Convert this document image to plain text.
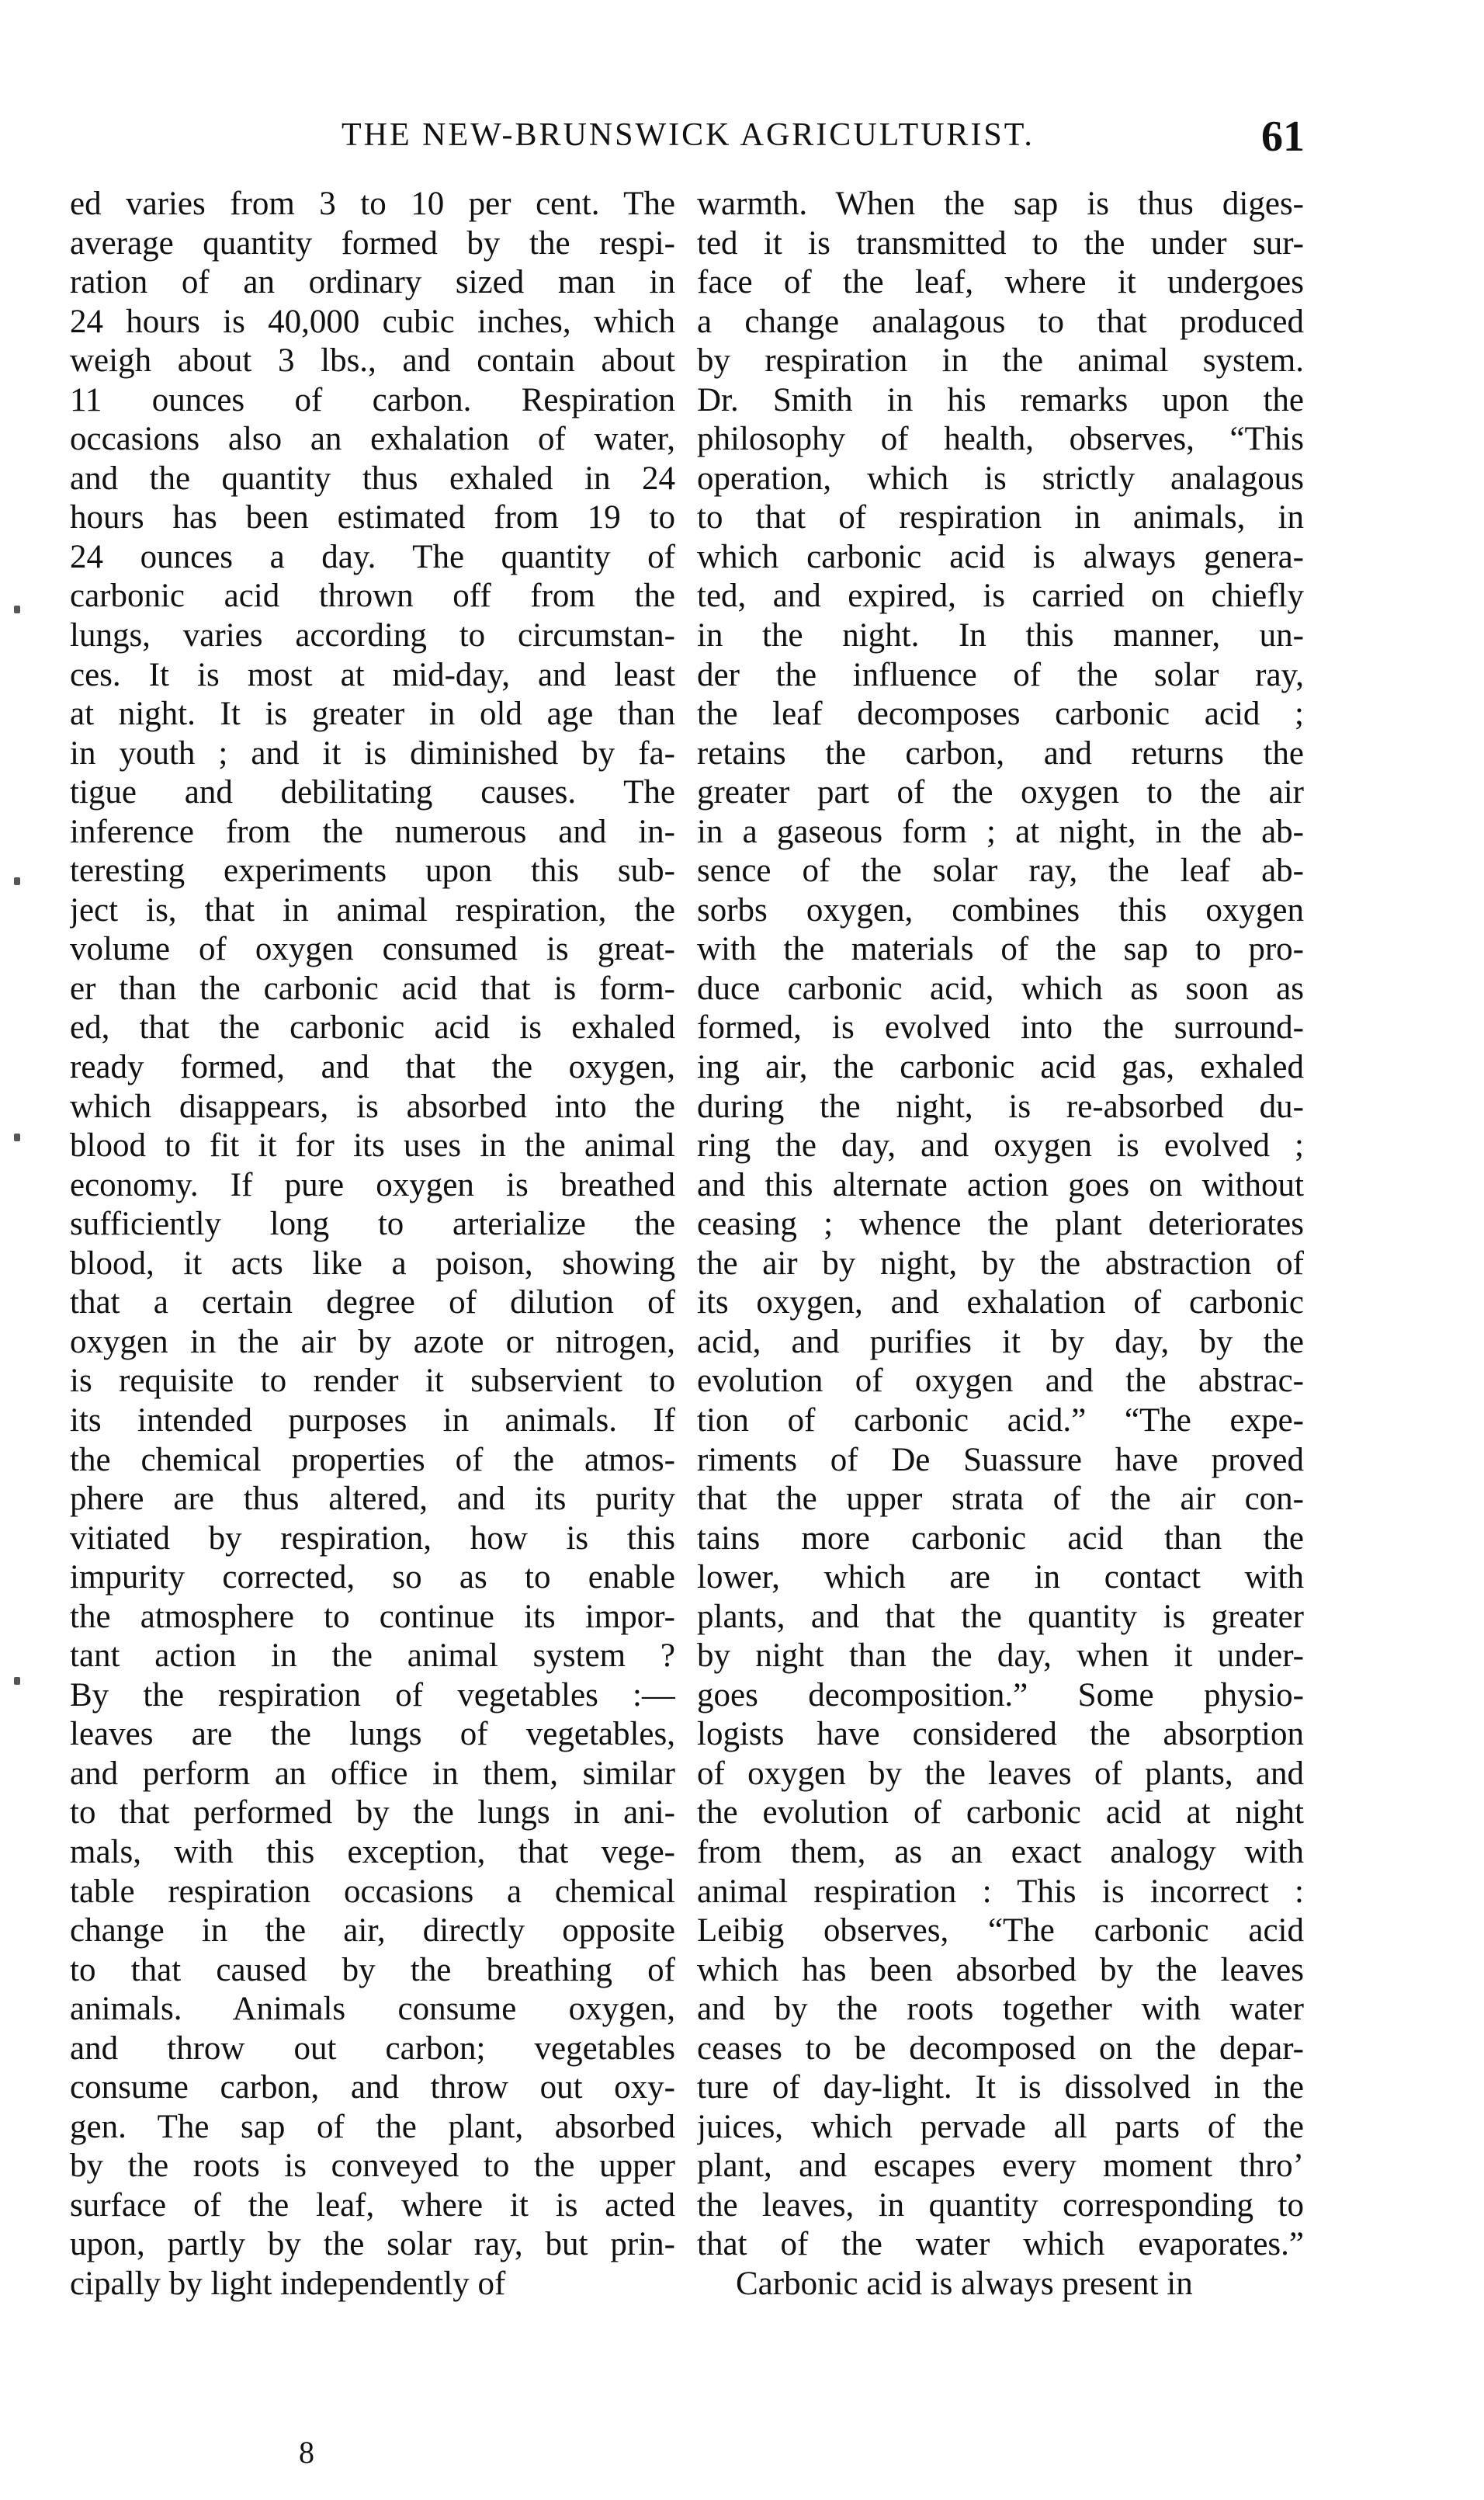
THE NEW-BRUNSWICK AGRICULTURIST.	61
ed varies from 3 to 10 per cent. The
average quantity formed by the respi-
ration of an ordinary sized man in
24 hours is 40,000 cubic inches, which
weigh about 3 lbs., and contain about
11 ounces of carbon. Respiration
occasions also an exhalation of water,
and the quantity thus exhaled in 24
hours has been estimated from 19 to
24 ounces a day. The quantity of
carbonic acid thrown off from the
lungs, varies according to circumstan-
ces. It is most at mid-day, and least
at night. It is greater in old age than
in youth ; and it is diminished by fa-
tigue and debilitating causes. The
inference from the numerous and in-
teresting experiments upon this sub-
ject is, that in animal respiration, the
volume of oxygen consumed is great-
er than the carbonic acid that is form-
ed, that the carbonic acid is exhaled
ready formed, and that the oxygen,
which disappears, is absorbed into the
blood to fit it for its uses in the animal
economy. If pure oxygen is breathed
sufficiently long to arterialize the
blood, it acts like a poison, showing
that a certain degree of dilution of
oxygen in the air by azote or nitrogen,
is requisite to render it subservient to
its intended purposes in animals. If
the chemical properties of the atmos-
phere are thus altered, and its purity
vitiated by respiration, how is this
impurity corrected, so as to enable
the atmosphere to continue its impor-
tant action in the animal system ?
By the respiration of vegetables :—
leaves are the lungs of vegetables,
and perform an office in them, similar
to that performed by the lungs in ani-
mals, with this exception, that vege-
table respiration occasions a chemical
change in the air, directly opposite
to that caused by the breathing of
animals. Animals consume oxygen,
and throw out carbon; vegetables
consume carbon, and throw out oxy-
gen. The sap of the plant, absorbed
by the roots is conveyed to the upper
surface of the leaf, where it is acted
upon, partly by the solar ray, but prin-
cipally by light independently of
warmth. When the sap is thus diges-
ted it is transmitted to the under sur-
face of the leaf, where it undergoes
a change analagous to that produced
by respiration in the animal system.
Dr. Smith in his remarks upon the
philosophy of health, observes, “This
operation, which is strictly analagous
to that of respiration in animals, in
which carbonic acid is always genera-
ted, and expired, is carried on chiefly
in the night. In this manner, un-
der the influence of the solar ray,
the leaf decomposes carbonic acid ;
retains the carbon, and returns the
greater part of the oxygen to the air
in a gaseous form ; at night, in the ab-
sence of the solar ray, the leaf ab-
sorbs oxygen, combines this oxygen
with the materials of the sap to pro-
duce carbonic acid, which as soon as
formed, is evolved into the surround-
ing air, the carbonic acid gas, exhaled
during the night, is re-absorbed du-
ring the day, and oxygen is evolved ;
and this alternate action goes on without
ceasing ; whence the plant deteriorates
the air by night, by the abstraction of
its oxygen, and exhalation of carbonic
acid, and purifies it by day, by the
evolution of oxygen and the abstrac-
tion of carbonic acid.” “The expe-
riments of De Suassure have proved
that the upper strata of the air con-
tains more carbonic acid than the
lower, which are in contact with
plants, and that the quantity is greater
by night than the day, when it under-
goes decomposition.” Some physio-
logists have considered the absorption
of oxygen by the leaves of plants, and
the evolution of carbonic acid at night
from them, as an exact analogy with
animal respiration : This is incorrect :
Leibig observes, “The carbonic acid
which has been absorbed by the leaves
and by the roots together with water
ceases to be decomposed on the depar-
ture of day-light. It is dissolved in the
juices, which pervade all parts of the
plant, and escapes every moment thro’
the leaves, in quantity corresponding to
that of the water which evaporates.”
Carbonic acid is always present in
8
